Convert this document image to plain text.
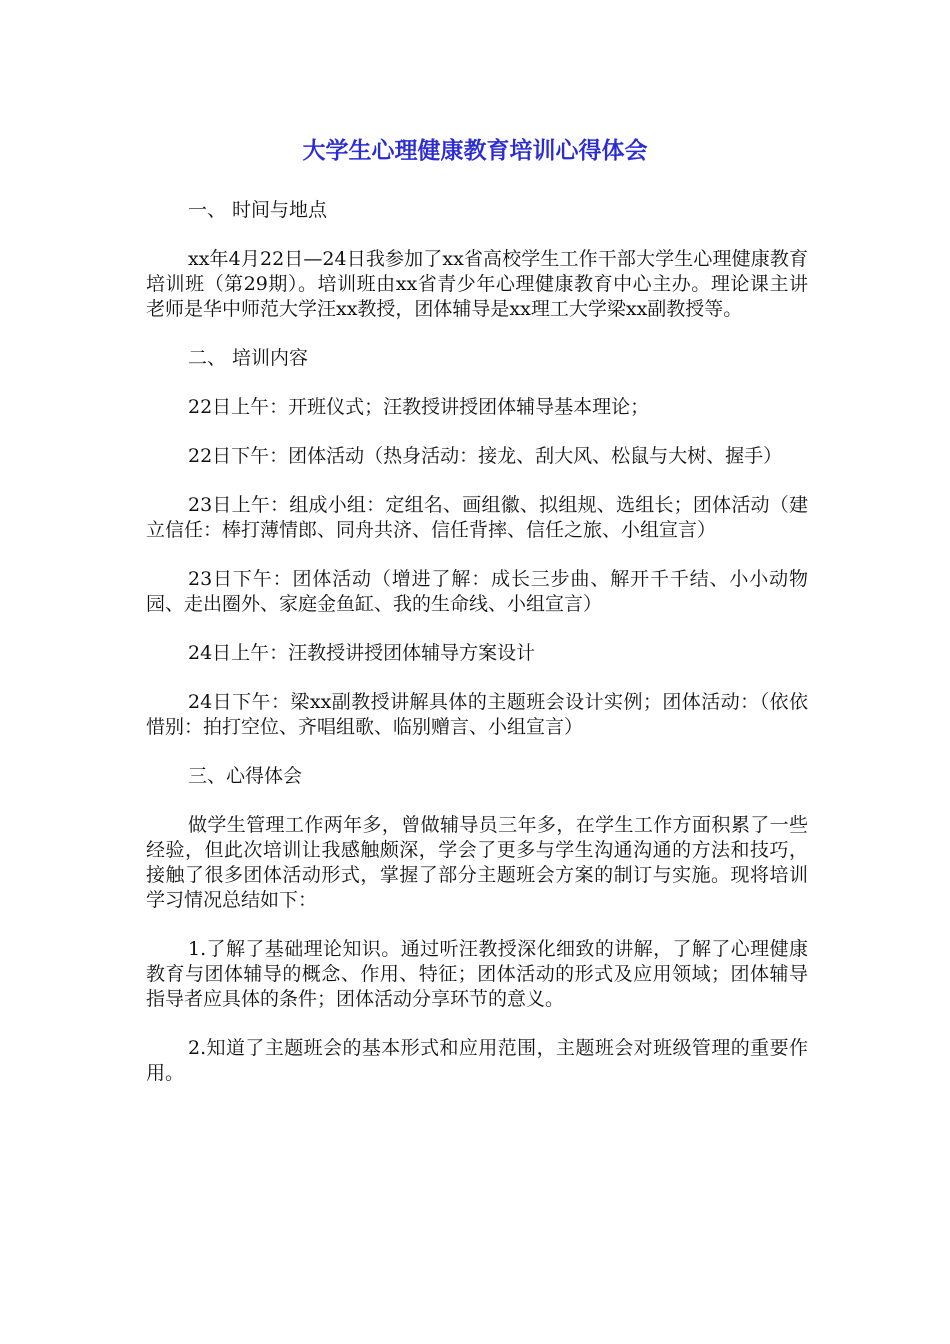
大学生心理健康教育培训心得体会

一、 时间与地点

xx年4月22日—24日我参加了xx省高校学生工作干部大学生心理健康教育培训班（第29期）。培训班由xx省青少年心理健康教育中心主办。理论课主讲老师是华中师范大学汪xx教授，团体辅导是xx理工大学梁xx副教授等。

二、 培训内容

22日上午：开班仪式；汪教授讲授团体辅导基本理论；

22日下午：团体活动（热身活动：接龙、刮大风、松鼠与大树、握手）

23日上午：组成小组：定组名、画组徽、拟组规、选组长；团体活动（建立信任：棒打薄情郎、同舟共济、信任背摔、信任之旅、小组宣言）

23日下午：团体活动（增进了解：成长三步曲、解开千千结、小小动物园、走出圈外、家庭金鱼缸、我的生命线、小组宣言）

24日上午：汪教授讲授团体辅导方案设计

24日下午：梁xx副教授讲解具体的主题班会设计实例；团体活动：（依依惜别：拍打空位、齐唱组歌、临别赠言、小组宣言）

三、心得体会

做学生管理工作两年多，曾做辅导员三年多，在学生工作方面积累了一些经验，但此次培训让我感触颇深，学会了更多与学生沟通沟通的方法和技巧，接触了很多团体活动形式，掌握了部分主题班会方案的制订与实施。现将培训学习情况总结如下：

1.了解了基础理论知识。通过听汪教授深化细致的讲解，了解了心理健康教育与团体辅导的概念、作用、特征；团体活动的形式及应用领域；团体辅导指导者应具体的条件；团体活动分享环节的意义。

2.知道了主题班会的基本形式和应用范围，主题班会对班级管理的重要作用。
